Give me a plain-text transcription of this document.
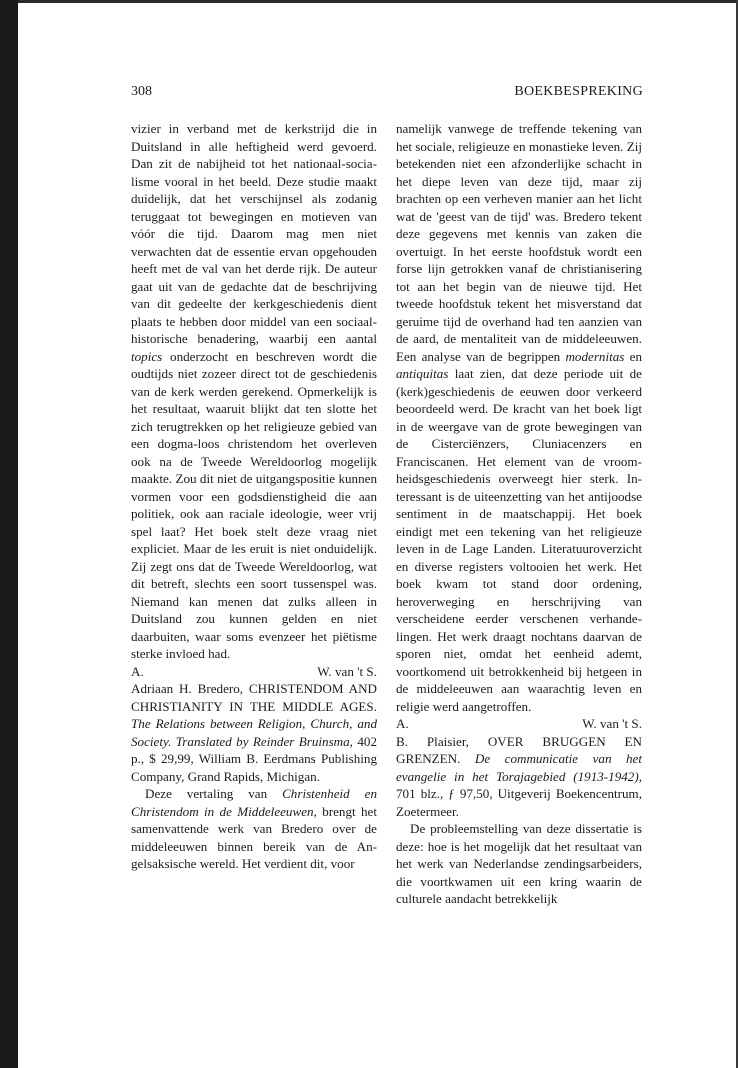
308	BOEKBESPREKING

vizier in verband met de kerkstrijd die in Duitsland in alle heftigheid werd gevoerd. Dan zit de nabijheid tot het nationaal-socialisme vooral in het beeld. Deze studie maakt duidelijk, dat het verschijnsel als zodanig teruggaat tot bewegingen en motieven van vóór die tijd. Daarom mag men niet verwachten dat de essentie ervan opgehouden heeft met de val van het derde rijk. De auteur gaat uit van de gedachte dat de beschrijving van dit gedeelte der kerkgeschiedenis dient plaats te hebben door middel van een sociaal-historische benadering, waarbij een aantal topics onderzocht en beschreven wordt die oudtijds niet zozeer direct tot de geschiedenis van de kerk werden gerekend. Opmerkelijk is het resultaat, waaruit blijkt dat ten slotte het zich terugtrekken op het religieuze gebied van een dogma-loos christendom het overleven ook na de Tweede Wereldoorlog mogelijk maakte. Zou dit niet de uitgangspositie kunnen vormen voor een godsdienstigheid die aan politiek, ook aan raciale ideologie, weer vrij spel laat? Het boek stelt deze vraag niet expliciet. Maar de les eruit is niet onduidelijk. Zij zegt ons dat de Tweede Wereldoorlog, wat dit betreft, slechts een soort tussenspel was. Niemand kan menen dat zulks alleen in Duitsland zou kunnen gelden en niet daarbuiten, waar soms evenzeer het piëtisme sterke invloed had.

A.	W. van 't S.

Adriaan H. Bredero, CHRISTENDOM AND CHRISTIANITY IN THE MIDDLE AGES. The Relations between Religion, Church, and Society. Translated by Reinder Bruinsma, 402 p., $ 29,99, William B. Eerdmans Publishing Company, Grand Rapids, Michigan.

Deze vertaling van Christenheid en Christendom in de Middeleeuwen, brengt het samenvattende werk van Bredero over de middeleeuwen binnen bereik van de Angelsaksische wereld. Het verdient dit, voor

namelijk vanwege de treffende tekening van het sociale, religieuze en monastieke leven. Zij betekenden niet een afzonderlijke schacht in het diepe leven van deze tijd, maar zij brachten op een verheven manier aan het licht wat de 'geest van de tijd' was. Bredero tekent deze gegevens met kennis van zaken die overtuigt. In het eerste hoofdstuk wordt een forse lijn getrokken vanaf de christianisering tot aan het begin van de nieuwe tijd. Het tweede hoofdstuk tekent het misverstand dat geruime tijd de overhand had ten aanzien van de aard, de mentaliteit van de middeleeuwen. Een analyse van de begrippen modernitas en antiquitas laat zien, dat deze periode uit de (kerk)geschiedenis de eeuwen door verkeerd beoordeeld werd. De kracht van het boek ligt in de weergave van de grote bewegingen van de Cisterciënzers, Cluniacenzers en Franciscanen. Het element van de vroomheidsgeschiedenis overweegt hier sterk. Interessant is de uiteenzetting van het antijoodse sentiment in de maatschappij. Het boek eindigt met een tekening van het religieuze leven in de Lage Landen. Literatuuroverzicht en diverse registers voltooien het werk. Het boek kwam tot stand door ordening, heroverweging en herschrijving van verscheidene eerder verschenen verhandelingen. Het werk draagt nochtans daarvan de sporen niet, omdat het eenheid ademt, voortkomend uit betrokkenheid bij hetgeen in de middeleeuwen aan waarachtig leven en religie werd aangetroffen.

A.	W. van 't S.

B. Plaisier, OVER BRUGGEN EN GRENZEN. De communicatie van het evangelie in het Torajagebied (1913-1942), 701 blz., ƒ 97,50, Uitgeverij Boekencentrum, Zoetermeer.

De probleemstelling van deze dissertatie is deze: hoe is het mogelijk dat het resultaat van het werk van Nederlandse zendingsarbeiders, die voortkwamen uit een kring waarin de culturele aandacht betrekkelijk
